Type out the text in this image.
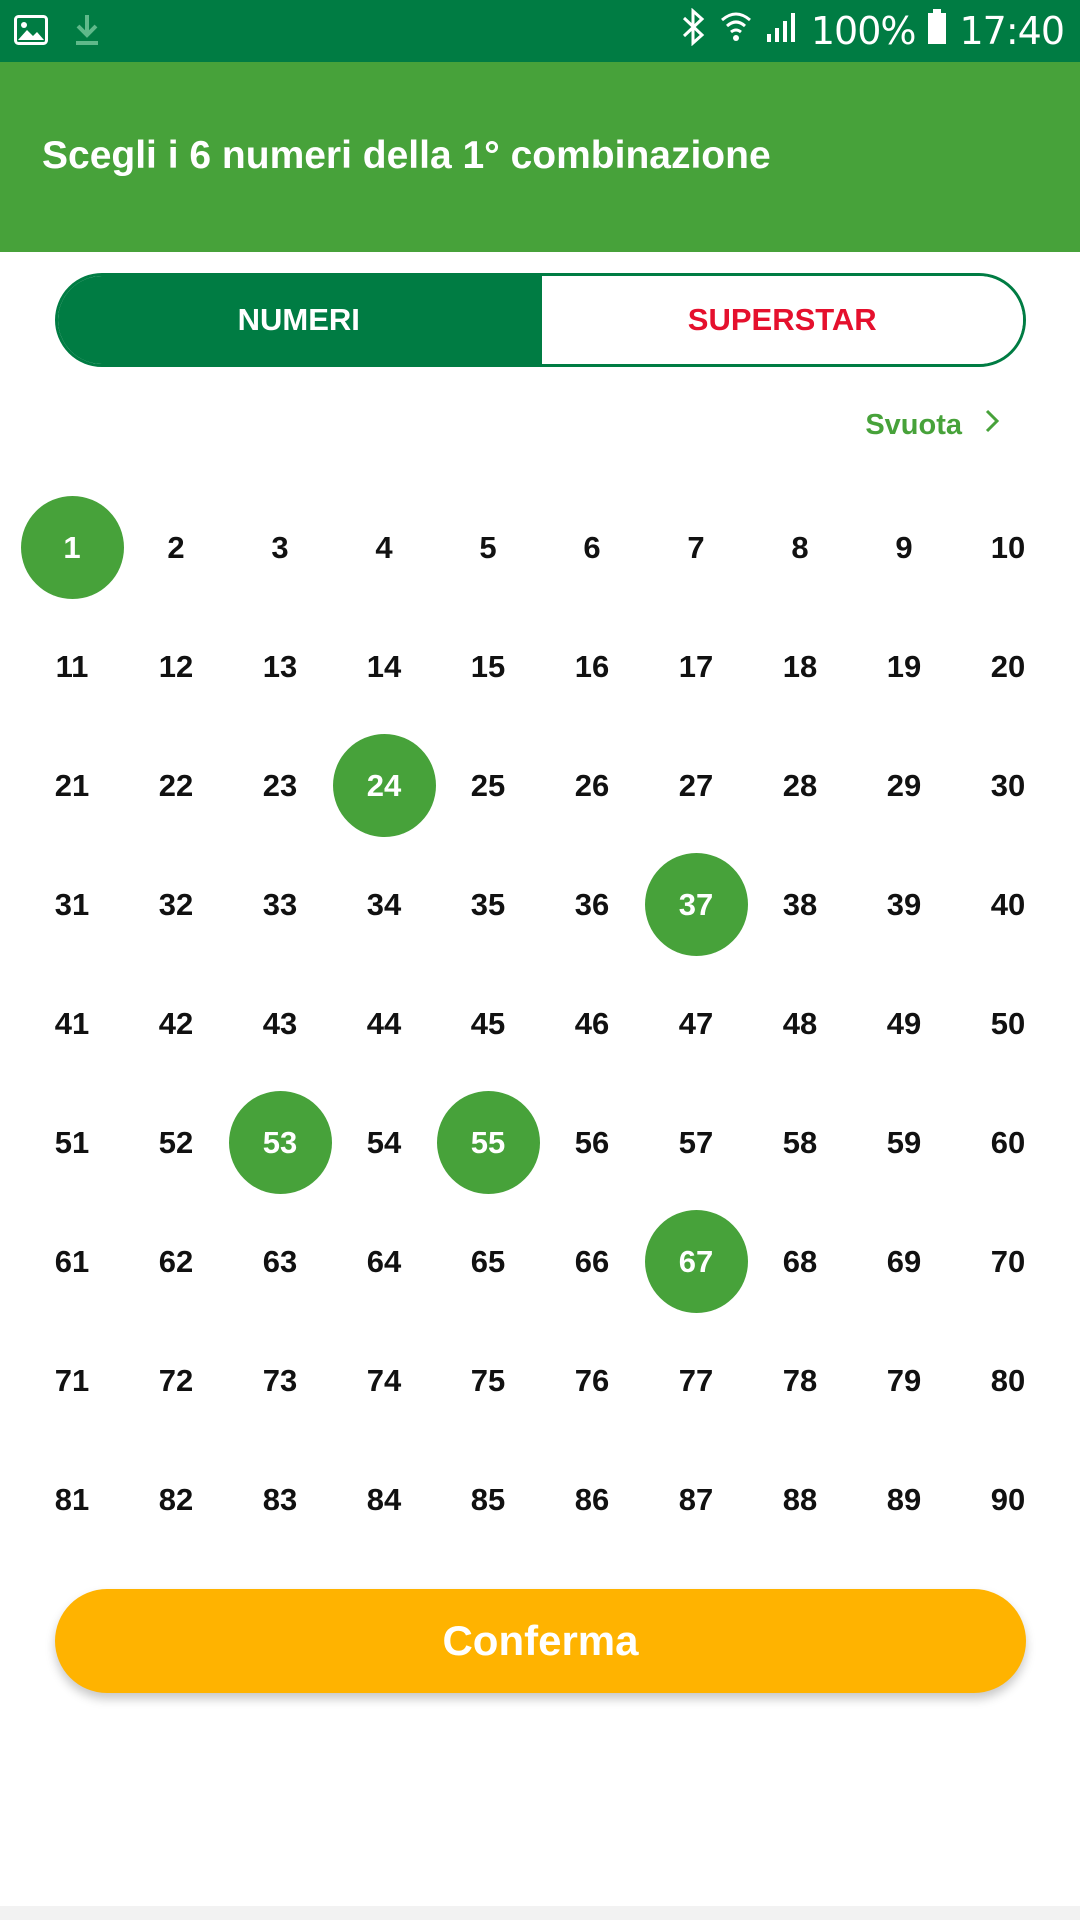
100% 17:40
Scegli i 6 numeri della 1° combinazione
NUMERI	SUPERSTAR
Svuota
1	2	3	4	5	6	7	8	9	10
11	12	13	14	15	16	17	18	19	20
21	22	23	24	25	26	27	28	29	30
31	32	33	34	35	36	37	38	39	40
41	42	43	44	45	46	47	48	49	50
51	52	53	54	55	56	57	58	59	60
61	62	63	64	65	66	67	68	69	70
71	72	73	74	75	76	77	78	79	80
81	82	83	84	85	86	87	88	89	90
Conferma
